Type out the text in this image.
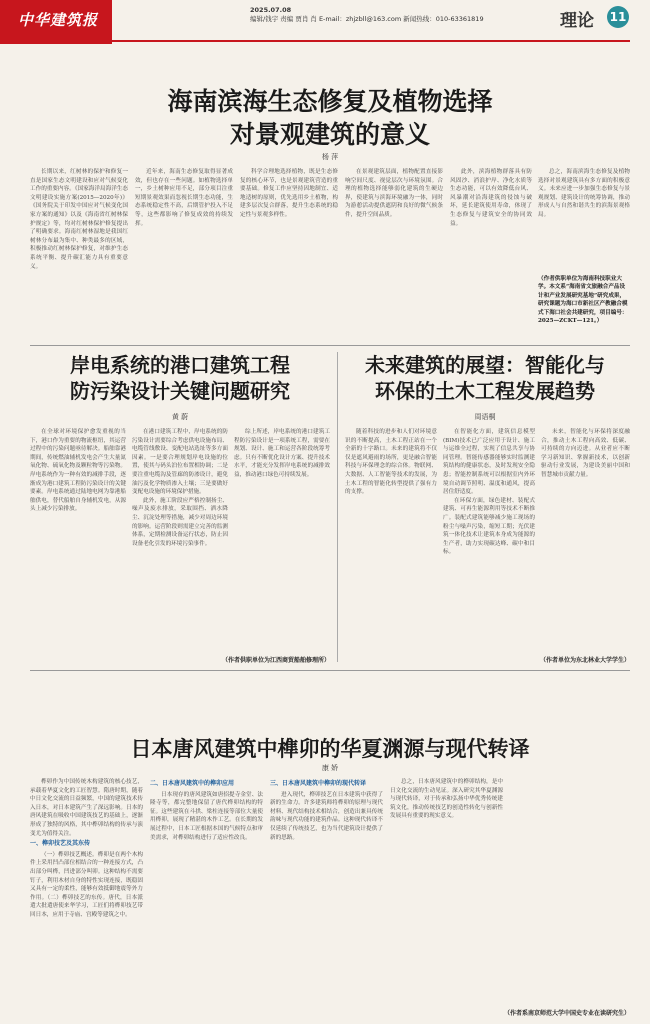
中华建筑报
2025.07.08
编辑/钱宇 责编 贾肖 肖 E-mail：zhjzbll@163.com 新闻热线：010-63361819	理论 11
海南滨海生态修复及植物选择
对景观建筑的意义
杨 萍

长期以来，红树林的保护和修复一直是国家生态文明建设和应对气候变化工作的重要内容。《国家海洋局海洋生态文明建设实施方案(2015—2020年)》《国务院关于印发中国应对气候变化国家方案的通知》以及《海南省红树林保护规定》等，均对红树林保护修复提出了明确要求。海南红树林湿地是我国红树林分布最为集中、种类最多的区域，积极推动红树林保护修复，对维护生态系统平衡、提升碳汇能力具有重要意义。

近年来，海南生态修复取得显著成效，但也存在一些问题。如植物选择单一，乡土树种应用不足，部分项目注重短期景观效果而忽视长期生态功能，生态系统稳定性不高，后期管护投入不足等，这些都影响了修复成效的持续发挥。

科学合理地选择植物，既是生态修复的核心环节，也是景观建筑营造的重要基础。修复工作应坚持因地制宜、适地适树的原则，优先选用乡土植物，构建多层次复合群落，提升生态系统的稳定性与景观多样性。

在景观建筑层面，植物配置直接影响空间尺度、视觉层次与环境氛围。合理的植物选择能够弱化建筑的生硬边界，使建筑与滨海环境融为一体，同时为游憩活动提供遮阴和良好的微气候条件，提升空间品质。

此外，滨海植物群落具有防风固沙、消浪护岸、净化水质等生态功能，可以有效降低台风、风暴潮对沿海建筑的侵蚀与破坏，延长建筑使用寿命，体现了生态修复与建筑安全的协同效益。

总之，海南滨海生态修复及植物选择对景观建筑具有多方面的积极意义。未来应进一步加强生态修复与景观规划、建筑设计的统筹协调，推动形成人与自然和谐共生的滨海景观格局。

（作者供职单位为海南科技职业大学。本文系“海南省文旅融合产品设计和产业发展研究基地”研究成果，研究课题为海口市新社区产教融合模式下海口社会共建研究，项目编号：2025—ZCKT—121。）
岸电系统的港口建筑工程
防污染设计关键问题研究
黄 蔚

在全球对环境保护愈发重视的当下，港口作为重要的物流枢纽，其运营过程中的污染问题亟待解决。船舶靠港期间，传统燃油辅机发电会产生大量氮氧化物、硫氧化物及颗粒物等污染物。岸电系统作为一种有效的减排手段，逐渐成为港口建筑工程防污染设计的关键要素。岸电系统通过陆地电网为靠港船舶供电，替代船舶自身辅机发电，从源头上减少污染排放。

在港口建筑工程中，岸电系统的防污染设计需要综合考虑供电设施布局、电缆管线敷设、变配电站选址等多方面因素。一是要合理规划岸电设施的位置，使其与码头泊位布置相协调；二是要注重电缆沟及管廊的防渗设计，避免油污及化学物质渗入土壤；三是要做好变配电设施的环境保护措施。

此外，施工阶段应严格控制扬尘、噪声及废水排放，采取围挡、洒水降尘、沉淀处理等措施，减少对周边环境的影响。运营阶段则需建立完善的监测体系，定期检测设备运行状态，防止因设备老化引发的环境污染事件。

综上所述，岸电系统的港口建筑工程防污染设计是一项系统工程，需要在规划、设计、施工和运营各阶段统筹考虑。只有不断优化设计方案、提升技术水平，才能充分发挥岸电系统的减排效益，推动港口绿色可持续发展。

（作者供职单位为江西商贸船舶修理所）
未来建筑的展望：智能化与
环保的土木工程发展趋势
周语桐

随着科技的进步和人们对环境意识的不断提高，土木工程正站在一个全新的十字路口。未来的建筑将不仅仅是遮风避雨的场所，更是融合智能科技与环保理念的综合体。物联网、大数据、人工智能等技术的发展，为土木工程的智能化转型提供了强有力的支撑。

在智能化方面，建筑信息模型(BIM)技术已广泛应用于设计、施工与运维全过程，实现了信息共享与协同管理。智能传感器能够实时监测建筑结构的健康状态，及时发现安全隐患；智能控制系统可以根据室内外环境自动调节照明、温度和通风，提高居住舒适度。

在环保方面，绿色建材、装配式建筑、可再生能源利用等技术不断推广。装配式建筑能够减少施工现场的粉尘与噪声污染，缩短工期；光伏建筑一体化技术让建筑本身成为能源的生产者，助力实现碳达峰、碳中和目标。

未来，智能化与环保将深度融合，推动土木工程向高效、低碳、可持续的方向迈进。从业者应不断学习新知识、掌握新技术，以创新驱动行业发展，为建设美丽中国和智慧城市贡献力量。

（作者单位为东北林业大学学生）
日本唐风建筑中榫卯的华夏渊源与现代转译
康 娇

榫卯作为中国传统木构建筑的核心技艺，承载着华夏文化的工匠智慧。隋唐时期，随着中日文化交流的日益频繁，中国的建筑技术传入日本，对日本建筑产生了深远影响。日本的唐风建筑在吸收中国建筑技艺的基础上，逐渐形成了独特的风格，其中榫卯结构的传承与演变尤为值得关注。

一、榫卯技艺及其东传

（一）榫卯技艺概述。榫卯是在两个木构件上采用凹凸部位相结合的一种连接方式，凸出部分叫榫，凹进部分叫卯。这种结构不需要钉子，利用木材自身的特性实现连接，既稳固又具有一定的柔性，能够有效抵御地震等外力作用。（二）榫卯技艺的东传。唐代，日本派遣大批遣唐使来华学习，工匠们将榫卯技艺带回日本，应用于寺庙、宫殿等建筑之中。

二、日本唐风建筑中的榫卯应用

日本现存的唐风建筑如唐招提寺金堂、法隆寺等，都完整地保留了唐代榫卯结构的特征。这些建筑在斗拱、梁柱连接等部位大量使用榫卯，展现了精湛的木作工艺。在长期的发展过程中，日本工匠根据本国的气候特点和审美需求，对榫卯结构进行了适应性改良。

三、日本唐风建筑中榫卯的现代转译

进入现代，榫卯技艺在日本建筑中获得了新的生命力。许多建筑师将榫卯的原理与现代材料、现代结构技术相结合，创造出兼具传统韵味与现代功能的建筑作品。这种现代转译不仅延续了传统技艺，也为当代建筑设计提供了新的思路。

总之，日本唐风建筑中的榫卯结构，是中日文化交流的生动见证。深入研究其华夏渊源与现代转译，对于传承和弘扬中华优秀传统建筑文化，推动传统技艺的创造性转化与创新性发展具有重要的现实意义。

（作者系南京师范大学中国史专业在读研究生）
